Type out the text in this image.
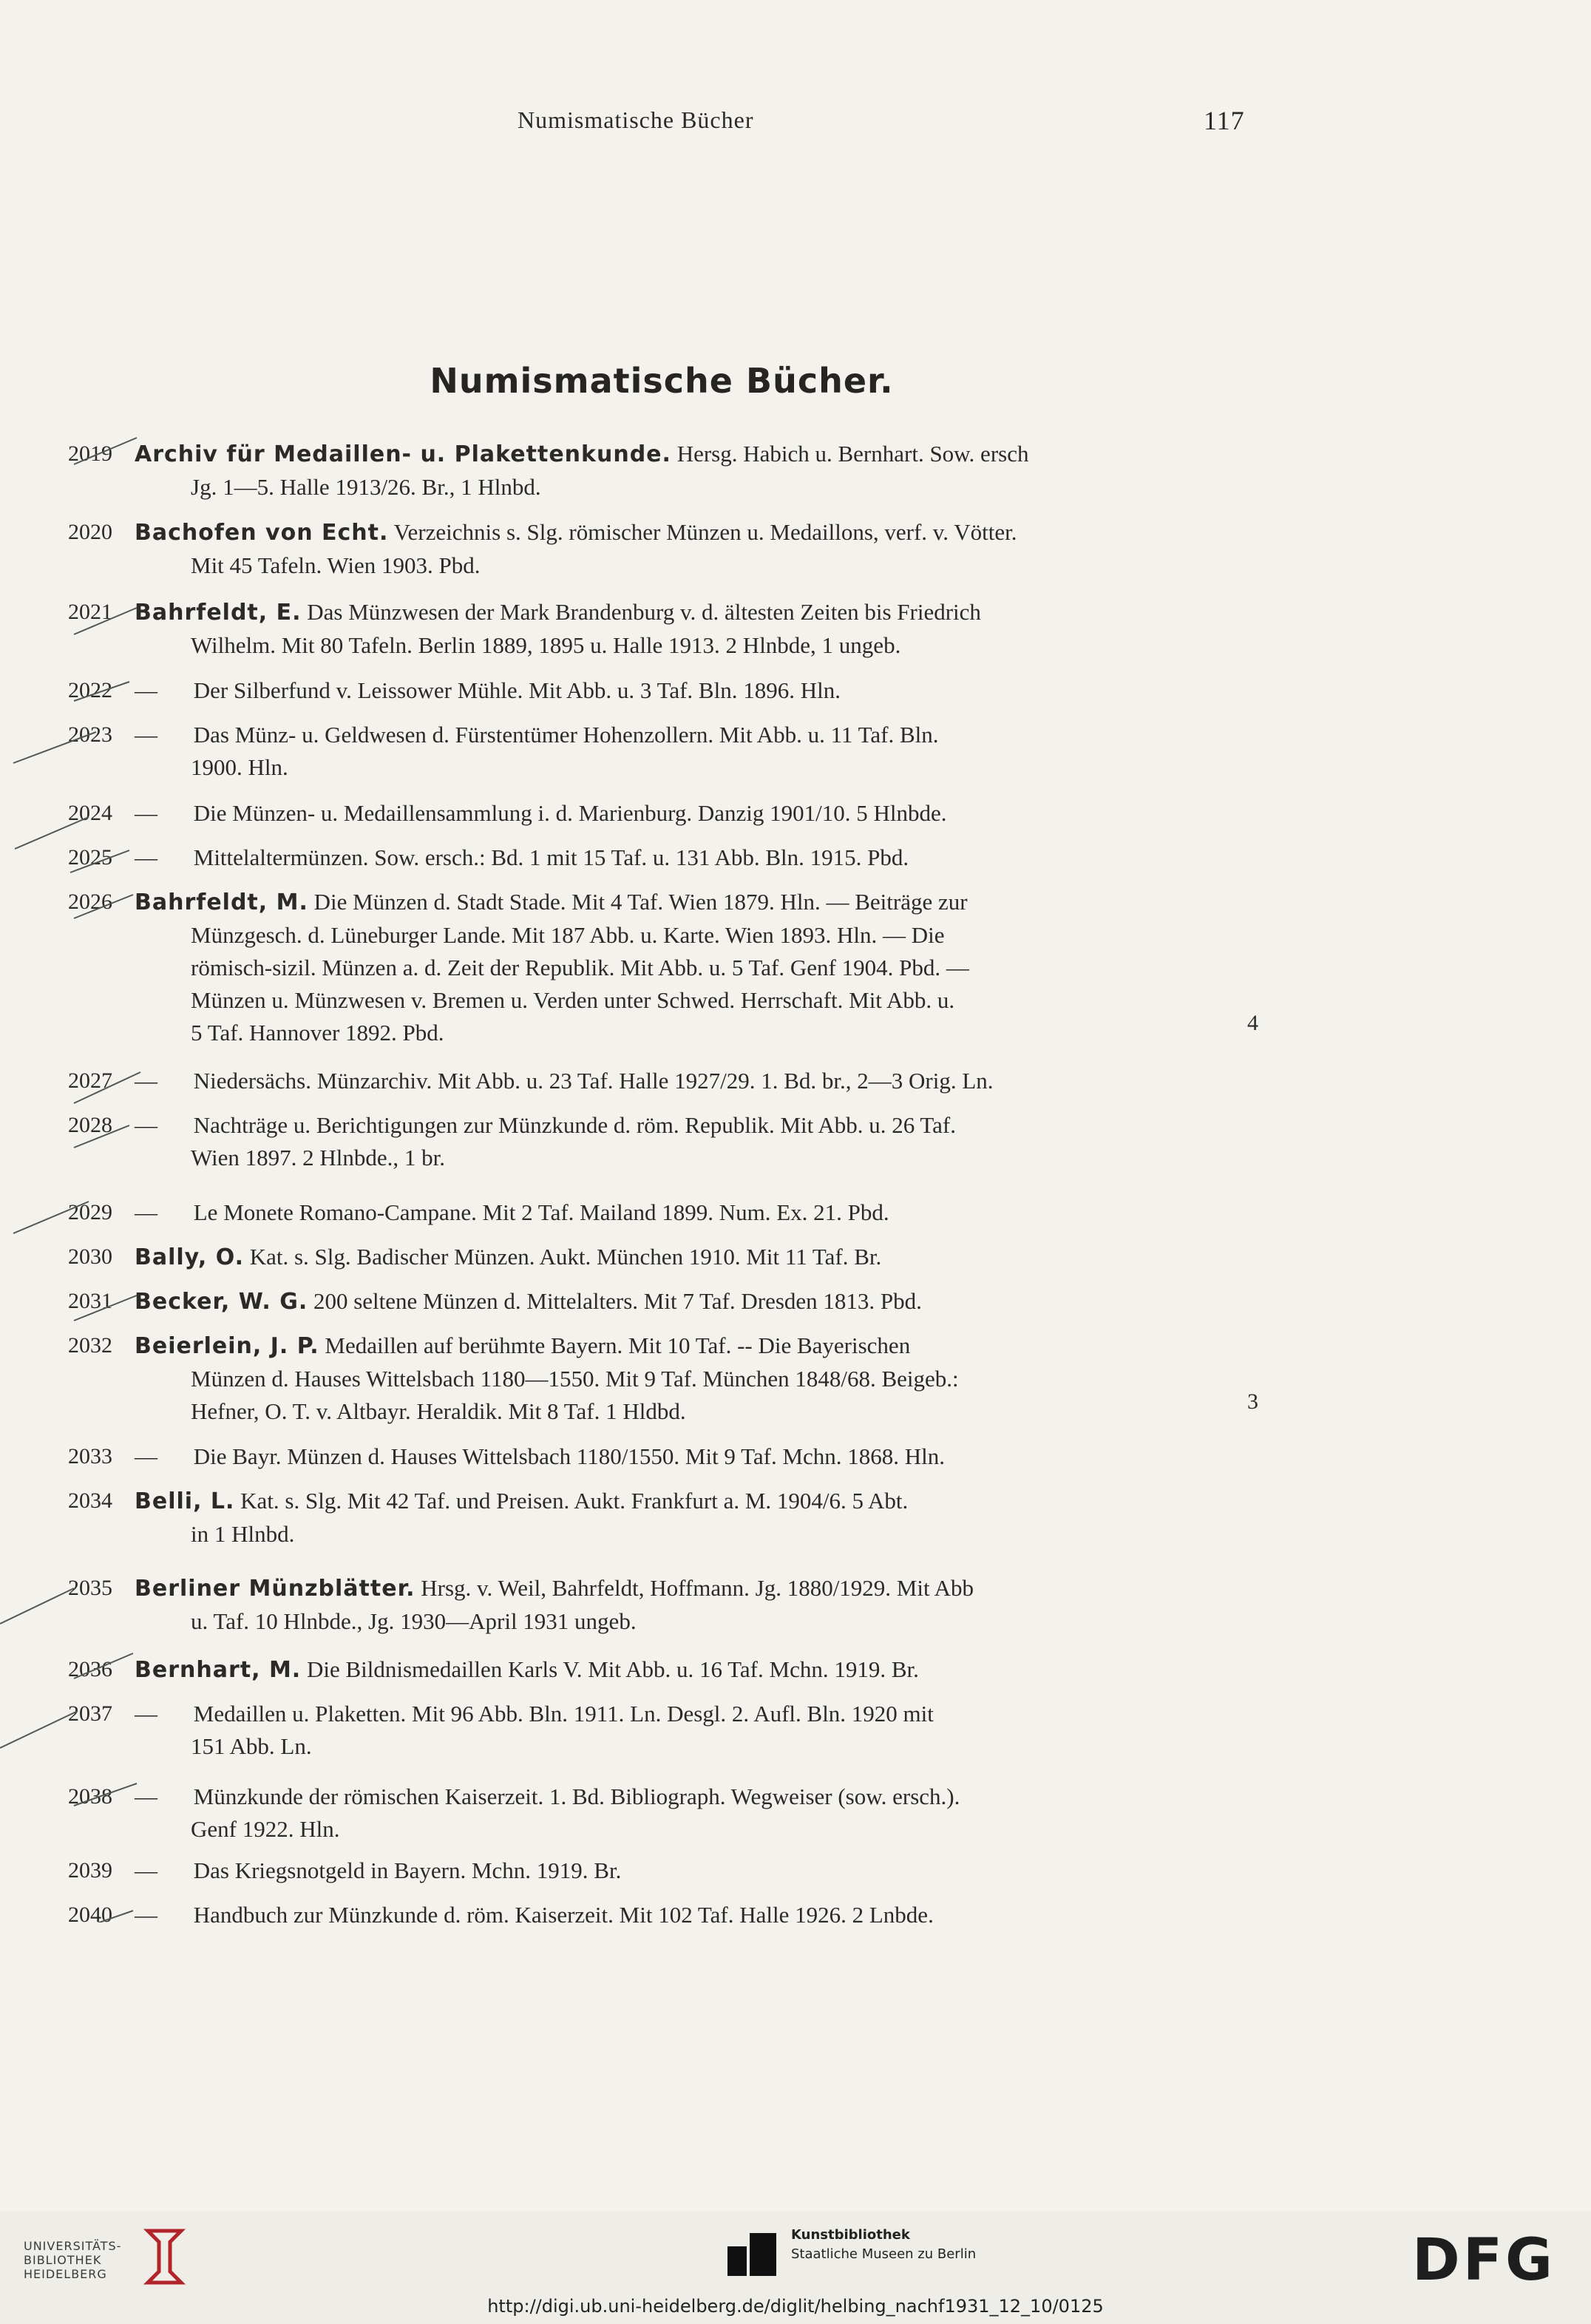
Numismatische Bücher	117
Numismatische Bücher.
2019	Archiv für Medaillen- u. Plakettenkunde. Hersg. Habich u. Bernhart. Sow. ersch
Jg. 1—5. Halle 1913/26. Br., 1 Hlnbd.
2020	Bachofen von Echt. Verzeichnis s. Slg. römischer Münzen u. Medaillons, verf. v. Vötter.
Mit 45 Tafeln. Wien 1903. Pbd.
2021	Bahrfeldt, E. Das Münzwesen der Mark Brandenburg v. d. ältesten Zeiten bis Friedrich
Wilhelm. Mit 80 Tafeln. Berlin 1889, 1895 u. Halle 1913. 2 Hlnbde, 1 ungeb.
2022 — Der Silberfund v. Leissower Mühle. Mit Abb. u. 3 Taf. Bln. 1896. Hln.
2023 — Das Münz- u. Geldwesen d. Fürstentümer Hohenzollern. Mit Abb. u. 11 Taf. Bln.
1900. Hln.
2024 — Die Münzen- u. Medaillensammlung i. d. Marienburg. Danzig 1901/10. 5 Hlnbde.
2025 — Mittelaltermünzen. Sow. ersch.: Bd. 1 mit 15 Taf. u. 131 Abb. Bln. 1915. Pbd.
2026	Bahrfeldt, M. Die Münzen d. Stadt Stade. Mit 4 Taf. Wien 1879. Hln. — Beiträge zur
Münzgesch. d. Lüneburger Lande. Mit 187 Abb. u. Karte. Wien 1893. Hln. — Die
römisch-sizil. Münzen a. d. Zeit der Republik. Mit Abb. u. 5 Taf. Genf 1904. Pbd. —
Münzen u. Münzwesen v. Bremen u. Verden unter Schwed. Herrschaft. Mit Abb. u.
5 Taf. Hannover 1892. Pbd.	4
2027 — Niedersächs. Münzarchiv. Mit Abb. u. 23 Taf. Halle 1927/29. 1. Bd. br., 2—3 Orig. Ln.
2028 — Nachträge u. Berichtigungen zur Münzkunde d. röm. Republik. Mit Abb. u. 26 Taf.
Wien 1897. 2 Hlnbde., 1 br.
2029 — Le Monete Romano-Campane. Mit 2 Taf. Mailand 1899. Num. Ex. 21. Pbd.
2030	Bally, O. Kat. s. Slg. Badischer Münzen. Aukt. München 1910. Mit 11 Taf. Br.
2031	Becker, W. G. 200 seltene Münzen d. Mittelalters. Mit 7 Taf. Dresden 1813. Pbd.
2032	Beierlein, J. P. Medaillen auf berühmte Bayern. Mit 10 Taf. -- Die Bayerischen
Münzen d. Hauses Wittelsbach 1180—1550. Mit 9 Taf. München 1848/68. Beigeb.:
Hefner, O. T. v. Altbayr. Heraldik. Mit 8 Taf. 1 Hldbd.	3
2033 — Die Bayr. Münzen d. Hauses Wittelsbach 1180/1550. Mit 9 Taf. Mchn. 1868. Hln.
2034	Belli, L. Kat. s. Slg. Mit 42 Taf. und Preisen. Aukt. Frankfurt a. M. 1904/6. 5 Abt.
in 1 Hlnbd.
2035	Berliner Münzblätter. Hrsg. v. Weil, Bahrfeldt, Hoffmann. Jg. 1880/1929. Mit Abb
u. Taf. 10 Hlnbde., Jg. 1930—April 1931 ungeb.
2036	Bernhart, M. Die Bildnismedaillen Karls V. Mit Abb. u. 16 Taf. Mchn. 1919. Br.
2037 — Medaillen u. Plaketten. Mit 96 Abb. Bln. 1911. Ln. Desgl. 2. Aufl. Bln. 1920 mit
151 Abb. Ln.
2038 — Münzkunde der römischen Kaiserzeit. 1. Bd. Bibliograph. Wegweiser (sow. ersch.).
Genf 1922. Hln.
2039 — Das Kriegsnotgeld in Bayern. Mchn. 1919. Br.
2040 — Handbuch zur Münzkunde d. röm. Kaiserzeit. Mit 102 Taf. Halle 1926. 2 Lnbde.
UNIVERSITÄTS-
BIBLIOTHEK
HEIDELBERG
Kunstbibliothek
Staatliche Museen zu Berlin	DFG
http://digi.ub.uni-heidelberg.de/diglit/helbing_nachf1931_12_10/0125
